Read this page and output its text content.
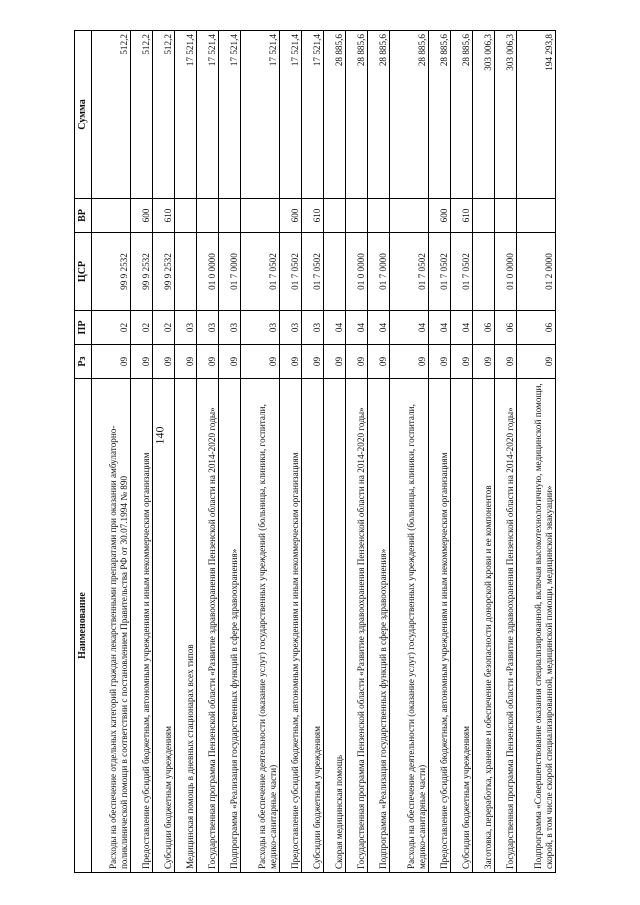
140
Наименование	Рз	ПР	ЦСР	ВР	Сумма
Расходы на обеспечение отдельных категорий граждан лекарственными препаратами при оказании амбулаторно-поликлинической помощи в соответствии с постановлением Правительства РФ от 30.07.1994 № 890	09	02	99 9 2532		512,2
Предоставление субсидий бюджетным, автономным учреждениям и иным некоммерческим организациям	09	02	99 9 2532	600	512,2
Субсидии бюджетным учреждениям	09	02	99 9 2532	610	512,2
Медицинская помощь в дневных стационарах всех типов	09	03			17 521,4
Государственная программа Пензенской области «Развитие здравоохранения Пензенской области на 2014-2020 годы»	09	03	01 0 0000		17 521,4
Подпрограмма «Реализация государственных функций в сфере здравоохранения»	09	03	01 7 0000		17 521,4
Расходы на обеспечение деятельности (оказание услуг) государственных учреждений (больницы, клиники, госпитали, медико-санитарные части)	09	03	01 7 0502		17 521,4
Предоставление субсидий бюджетным, автономным учреждениям и иным некоммерческим организациям	09	03	01 7 0502	600	17 521,4
Субсидии бюджетным учреждениям	09	03	01 7 0502	610	17 521,4
Скорая медицинская помощь	09	04			28 885,6
Государственная программа Пензенской области «Развитие здравоохранения Пензенской области на 2014-2020 годы»	09	04	01 0 0000		28 885,6
Подпрограмма «Реализация государственных функций в сфере здравоохранения»	09	04	01 7 0000		28 885,6
Расходы на обеспечение деятельности (оказание услуг) государственных учреждений (больницы, клиники, госпитали, медико-санитарные части)	09	04	01 7 0502		28 885,6
Предоставление субсидий бюджетным, автономным учреждениям и иным некоммерческим организациям	09	04	01 7 0502	600	28 885,6
Субсидии бюджетным учреждениям	09	04	01 7 0502	610	28 885,6
Заготовка, переработка, хранение и обеспечение безопасности донорской крови и ее компонентов	09	06			303 006,3
Государственная программа Пензенской области «Развитие здравоохранения Пензенской области на 2014-2020 годы»	09	06	01 0 0000		303 006,3
Подпрограмма «Совершенствование оказания специализированной, включая высокотехнологичную, медицинской помощи, скорой, в том числе скорой специализированной, медицинской помощи, медицинской эвакуации»	09	06	01 2 0000		194 293,8
